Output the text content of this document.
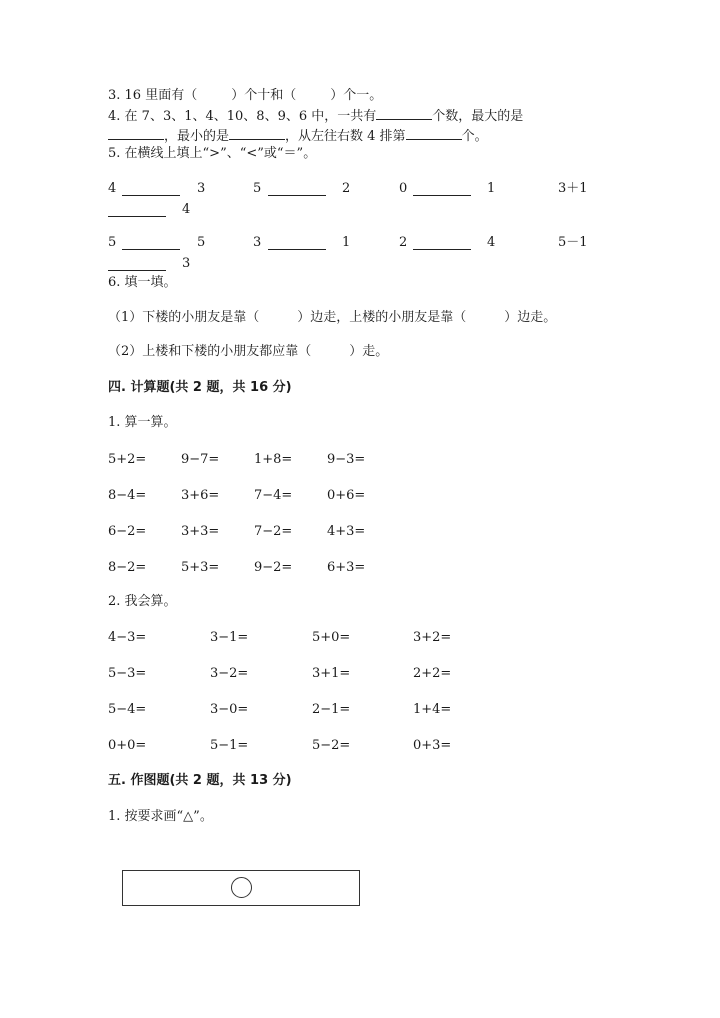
3. 16 里面有（	）个十和（	）个一。
4. 在 7、3、1、4、10、8、9、6 中，一共有	个数，最大的是
，最小的是	，从左往右数 4 排第	个。
5. 在横线上填上“>”、“<”或“＝”。
4	3	5	2	0	1	3＋1
4
5	5	3	1	2	4	5－1
3
6. 填一填。
（1）下楼的小朋友是靠（	）边走，上楼的小朋友是靠（	）边走。
（2）上楼和下楼的小朋友都应靠（	）走。
四. 计算题(共 2 题，共 16 分)
1. 算一算。
5+2=	9−7=	1+8=	9−3=
8−4=	3+6=	7−4=	0+6=
6−2=	3+3=	7−2=	4+3=
8−2=	5+3=	9−2=	6+3=
2. 我会算。
4−3=	3−1=	5+0=	3+2=
5−3=	3−2=	3+1=	2+2=
5−4=	3−0=	2−1=	1+4=
0+0=	5−1=	5−2=	0+3=
五. 作图题(共 2 题，共 13 分)
1. 按要求画“△”。
